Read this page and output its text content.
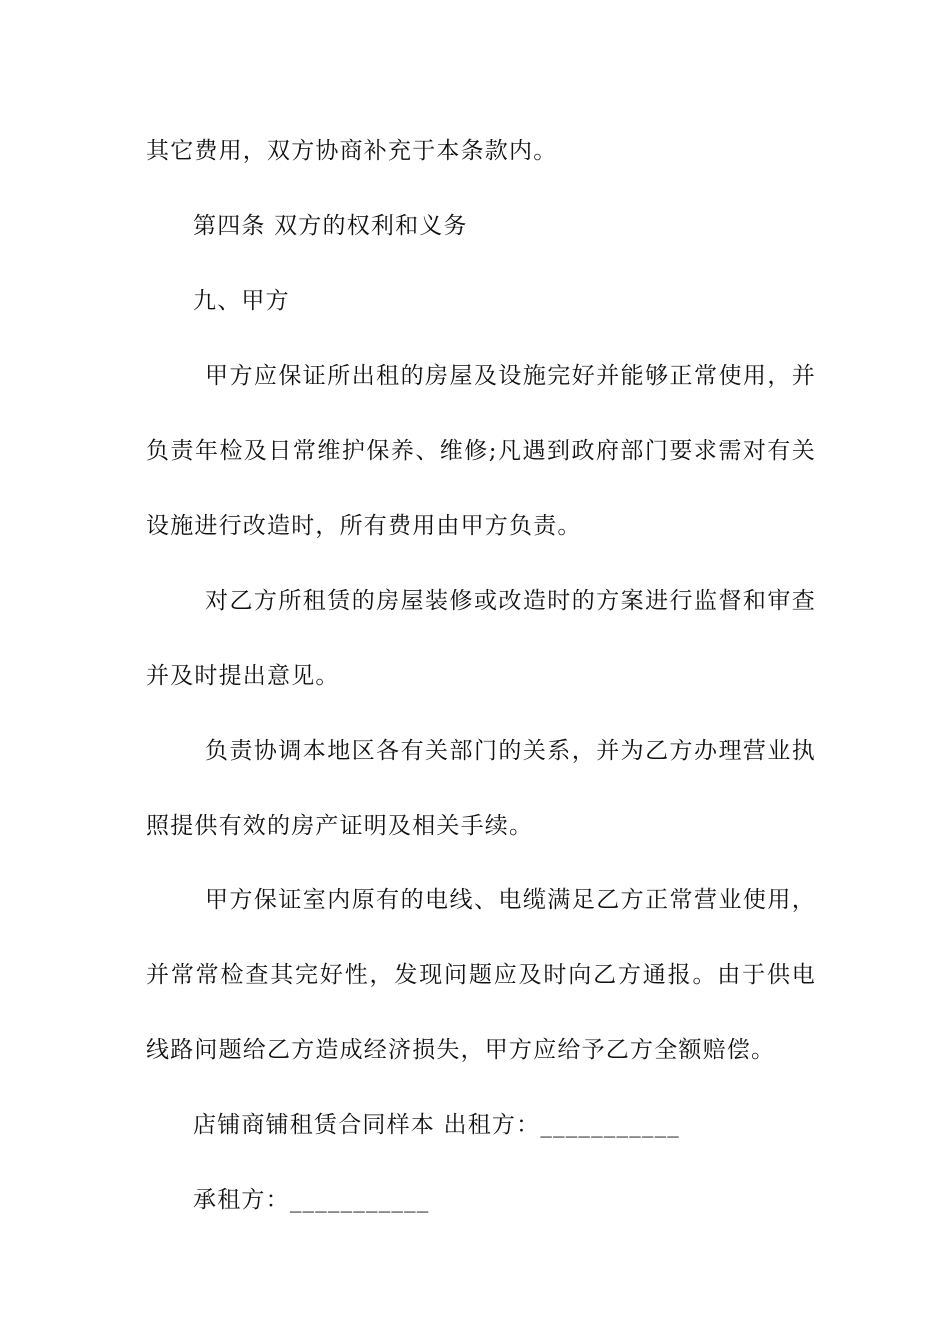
其它费用，双方协商补充于本条款内。
第四条 双方的权利和义务
九、甲方
甲方应保证所出租的房屋及设施完好并能够正常使用，并
负责年检及日常维护保养、维修;凡遇到政府部门要求需对有关
设施进行改造时，所有费用由甲方负责。
对乙方所租赁的房屋装修或改造时的方案进行监督和审查
并及时提出意见。
负责协调本地区各有关部门的关系，并为乙方办理营业执
照提供有效的房产证明及相关手续。
甲方保证室内原有的电线、电缆满足乙方正常营业使用，
并常常检查其完好性，发现问题应及时向乙方通报。由于供电
线路问题给乙方造成经济损失，甲方应给予乙方全额赔偿。
店铺商铺租赁合同样本 出租方：___________
承租方：___________
